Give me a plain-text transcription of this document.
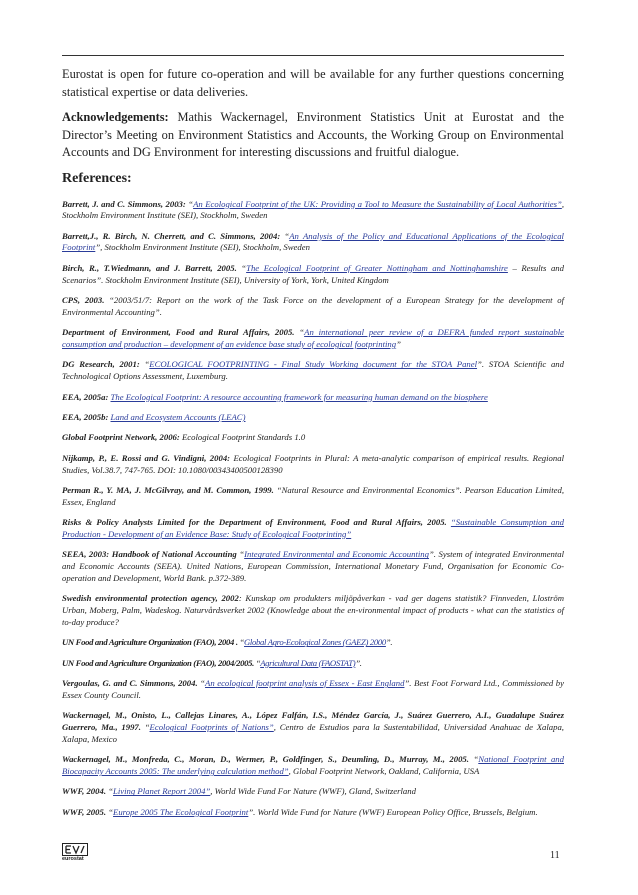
Eurostat is open for future co-operation and will be available for any further questions concerning statistical expertise or data deliveries.

Acknowledgements: Mathis Wackernagel, Environment Statistics Unit at Eurostat and the Director’s Meeting on Environment Statistics and Accounts, the Working Group on Environmental Accounts and DG Environment for interesting discussions and fruitful dialogue.

References:

Barrett, J. and C. Simmons, 2003: “An Ecological Footprint of the UK: Providing a Tool to Measure the Sustainability of Local Authorities”, Stockholm Environment Institute (SEI), Stockholm, Sweden

Barrett,J., R. Birch, N. Cherrett, and C. Simmons, 2004: “An Analysis of the Policy and Educational Applications of the Ecological Footprint”, Stockholm Environment Institute (SEI), Stockholm, Sweden

Birch, R., T.Wiedmann, and J. Barrett, 2005. “The Ecological Footprint of Greater Nottingham and Nottinghamshire – Results and Scenarios”. Stockholm Environment Institute (SEI), University of York, York, United Kingdom

CPS, 2003. “2003/51/7: Report on the work of the Task Force on the development of a European Strategy for the development of Environmental Accounting”.

Department of Environment, Food and Rural Affairs, 2005. “An international peer review of a DEFRA funded report sustainable consumption and production – development of an evidence base study of ecological footprinting”

DG Research, 2001: “ECOLOGICAL FOOTPRINTING - Final Study Working document for the STOA Panel”. STOA Scientific and Technological Options Assessment, Luxemburg.

EEA, 2005a: The Ecological Footprint: A resource accounting framework for measuring human demand on the biosphere

EEA, 2005b: Land and Ecosystem Accounts (LEAC)

Global Footprint Network, 2006: Ecological Footprint Standards 1.0

Nijkamp, P., E. Rossi and G. Vindigni, 2004: Ecological Footprints in Plural: A meta-analytic comparison of empirical results. Regional Studies, Vol.38.7, 747-765. DOI: 10.1080/00343400500128390

Perman R., Y. MA, J. McGilvray, and M. Common, 1999. “Natural Resource and Environmental Economics”. Pearson Education Limited, Essex, England

Risks & Policy Analysts Limited for the Department of Environment, Food and Rural Affairs, 2005. “Sustainable Consumption and Production - Development of an Evidence Base: Study of Ecological Footprinting”

SEEA, 2003: Handbook of National Accounting “Integrated Environmental and Economic Accounting”. System of integrated Environmental and Economic Accounts (SEEA). United Nations, European Commission, International Monetary Fund, Organisation for Economic Co-operation and Development, World Bank. p.372-389.

Swedish environmental protection agency, 2002: Kunskap om produkters miljöpåverkan - vad ger dagens statistik? Finnveden, Lloström Urban, Moberg, Palm, Wadeskog. Naturvårdsverket 2002 (Knowledge about the en-vironmental impact of products - what can the statistics of to-day produce?

UN Food and Agriculture Organization (FAO), 2004 . “Global Agro-Ecological Zones (GAEZ) 2000”.

UN Food and Agriculture Organization (FAO), 2004/2005. “Agricultural Data (FAOSTAT)”.

Vergoulas, G. and C. Simmons, 2004. “An ecological footprint analysis of Essex - East England”. Best Foot Forward Ltd., Commissioned by Essex County Council.

Wackernagel, M., Onisto, L., Callejas Linares, A., López Falfán, I.S., Méndez García, J., Suárez Guerrero, A.I., Guadalupe Suárez Guerrero, Ma., 1997. “Ecological Footprints of Nations”, Centro de Estudios para la Sustentabilidad, Universidad Anahuac de Xalapa, Xalapa, Mexico

Wackernagel, M., Monfreda, C., Moran, D., Wermer, P., Goldfinger, S., Deumling, D., Murray, M., 2005. “National Footprint and Biocapacity Accounts 2005: The underlying calculation method”, Global Footprint Network, Oakland, California, USA

WWF, 2004. “Living Planet Report 2004”, World Wide Fund For Nature (WWF), Gland, Switzerland

WWF, 2005. “Europe 2005 The Ecological Footprint”. World Wide Fund for Nature (WWF) European Policy Office, Brussels, Belgium.

eurostat	11
